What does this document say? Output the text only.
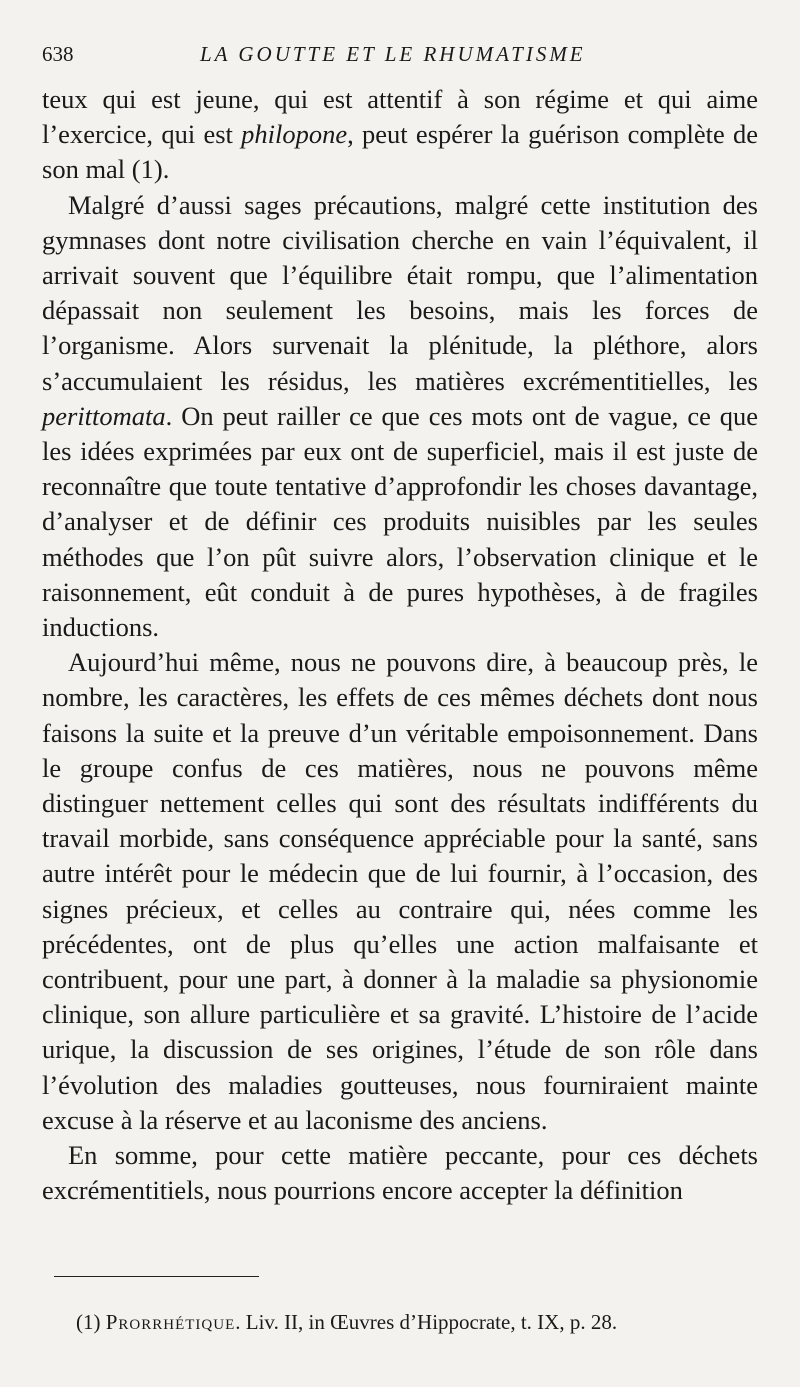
638	LA GOUTTE ET LE RHUMATISME

teux qui est jeune, qui est attentif à son régime et qui aime l’exercice, qui est philopone, peut espérer la guérison complète de son mal (1).

Malgré d’aussi sages précautions, malgré cette institution des gymnases dont notre civilisation cherche en vain l’équivalent, il arrivait souvent que l’équilibre était rompu, que l’alimentation dépassait non seulement les besoins, mais les forces de l’organisme. Alors survenait la plénitude, la pléthore, alors s’accumulaient les résidus, les matières excrémentitielles, les perittomata. On peut railler ce que ces mots ont de vague, ce que les idées exprimées par eux ont de superficiel, mais il est juste de reconnaître que toute tentative d’approfondir les choses davantage, d’analyser et de définir ces produits nuisibles par les seules méthodes que l’on pût suivre alors, l’observation clinique et le raisonnement, eût conduit à de pures hypothèses, à de fragiles inductions.

Aujourd’hui même, nous ne pouvons dire, à beaucoup près, le nombre, les caractères, les effets de ces mêmes déchets dont nous faisons la suite et la preuve d’un véritable empoisonnement. Dans le groupe confus de ces matières, nous ne pouvons même distinguer nettement celles qui sont des résultats indifférents du travail morbide, sans conséquence appréciable pour la santé, sans autre intérêt pour le médecin que de lui fournir, à l’occasion, des signes précieux, et celles au contraire qui, nées comme les précédentes, ont de plus qu’elles une action malfaisante et contribuent, pour une part, à donner à la maladie sa physionomie clinique, son allure particulière et sa gravité. L’histoire de l’acide urique, la discussion de ses origines, l’étude de son rôle dans l’évolution des maladies goutteuses, nous fourniraient mainte excuse à la réserve et au laconisme des anciens.

En somme, pour cette matière peccante, pour ces déchets excrémentitiels, nous pourrions encore accepter la définition

(1) Prorrhétique. Liv. II, in Œuvres d’Hippocrate, t. IX, p. 28.
